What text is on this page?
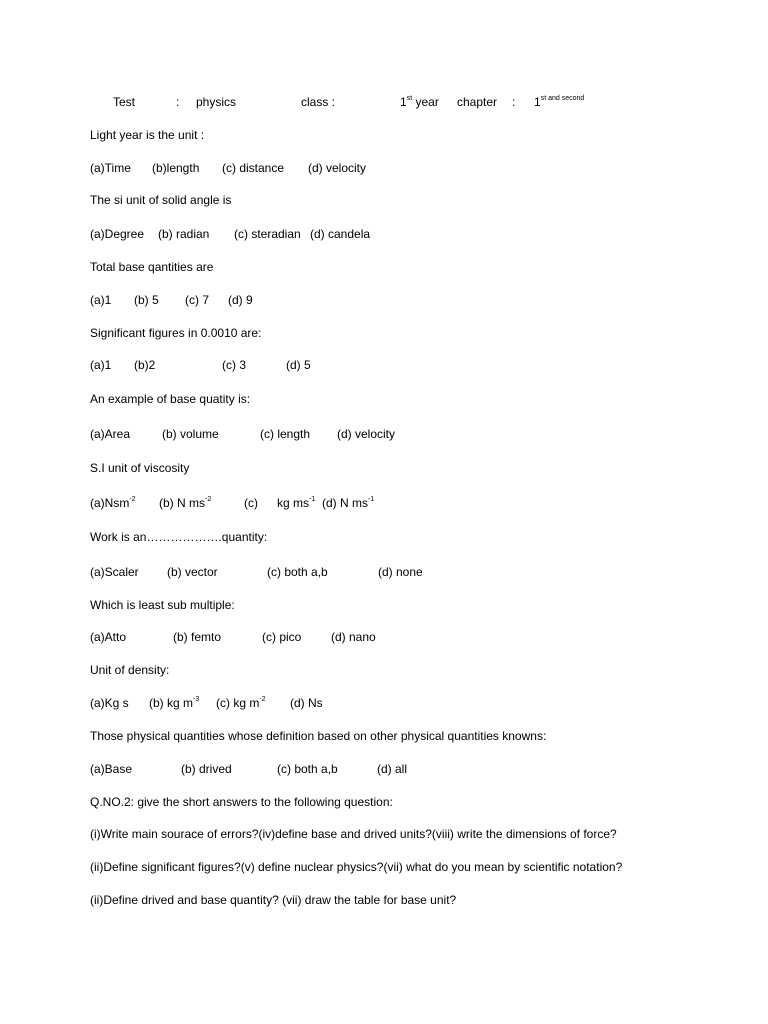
Test	: physics	class :	1st year chapter : $1^{st and second}$
Light year is the unit :
(a)Time (b)length (c) distance (d) velocity
The si unit of solid angle is
(a)Degree (b) radian (c) steradian (d) candela
Total base qantities are
(a)1 (b) 5 (c) 7 (d) 9
Significant figures in 0.0010 are:
(a)1 (b)2	(c) 3	(d) 5
An example of base quatity is:
(a)Area	(b) volume	(c) length (d) velocity
S.I unit of viscosity
(a)Nsm$^{-2}$ (b) N $ms^{-2}$	(c) kg $ms^{-1}$ (d) N $ms^{-1}$
Work is an……………….quantity:
(a)Scaler (b) vector	(c) both a,b	(d) none
Which is least sub multiple:
(a)Atto	(b) femto	(c) pico (d) nano
Unit of density:
(a)Kg s (b) kg $m^{-3}$ (c) kg $m^{-2}$ (d) Ns
Those physical quantities whose definition based on other physical quantities knowns:
(a)Base	(b) drived	(c) both a,b	(d) all
Q.NO.2: give the short answers to the following question:
(i)Write main sourace of errors?(iv)define base and drived units?(viii) write the dimensions of force?
(ii)Define significant figures?(v) define nuclear physics?(vii) what do you mean by scientific notation?
(ii)Define drived and base quantity? (vii) draw the table for base unit?
